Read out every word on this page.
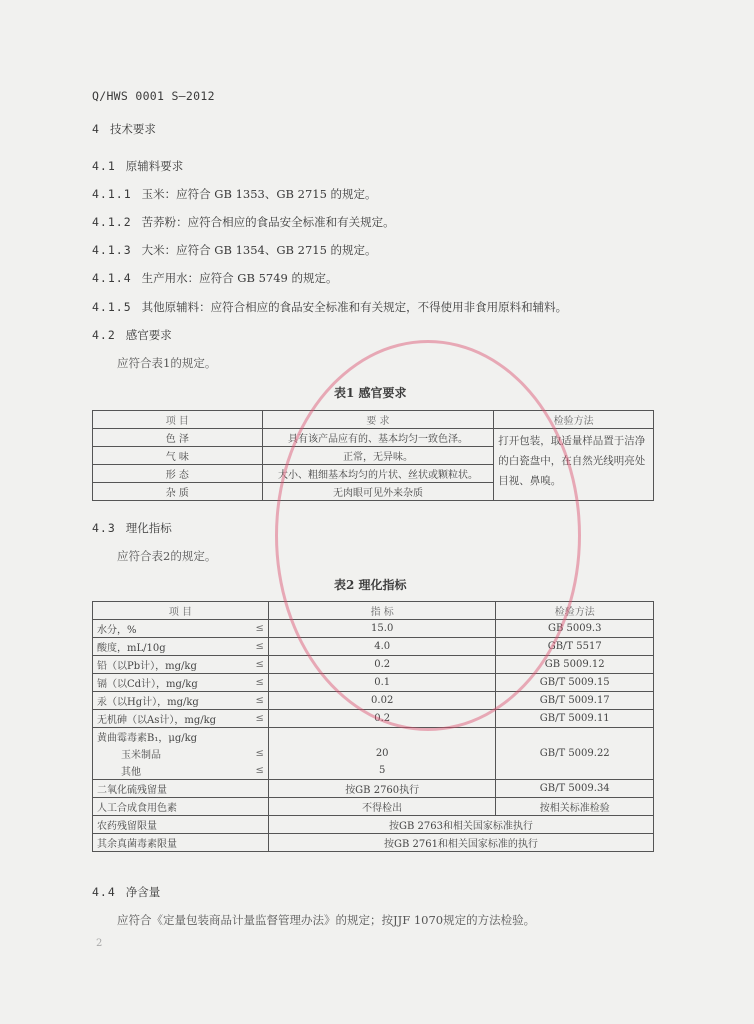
Q/HWS 0001 S—2012
4 技术要求
4.1 原辅料要求
4.1.1 玉米：应符合 GB 1353、GB 2715 的规定。
4.1.2 苦荞粉：应符合相应的食品安全标准和有关规定。
4.1.3 大米：应符合 GB 1354、GB 2715 的规定。
4.1.4 生产用水：应符合 GB 5749 的规定。
4.1.5 其他原辅料：应符合相应的食品安全标准和有关规定，不得使用非食用原料和辅料。
4.2 感官要求
应符合表1的规定。
表1 感官要求
项 目	要 求	检验方法
色 泽	具有该产品应有的、基本均匀一致色泽。	打开包装，取适量样品置于洁净的白瓷盘中，在自然光线明亮处目视、鼻嗅。
气 味	正常，无异味。	
形 态	大小、粗细基本均匀的片状、丝状或颗粒状。	
杂 质	无肉眼可见外来杂质	
4.3 理化指标
应符合表2的规定。
表2 理化指标
项 目		指 标	检验方法
水分，%	≤	15.0	GB 5009.3
酸度，mL/10g	≤	4.0	GB/T 5517
铅（以Pb计），mg/kg	≤	0.2	GB 5009.12
镉（以Cd计），mg/kg	≤	0.1	GB/T 5009.15
汞（以Hg计），mg/kg	≤	0.02	GB/T 5009.17
无机砷（以As计），mg/kg	≤	0.2	GB/T 5009.11
黄曲霉毒素B₁，μg/kg			GB/T 5009.22
玉米制品	≤	20	
其他	≤	5	
二氧化硫残留量		按GB 2760执行	GB/T 5009.34
人工合成食用色素		不得检出	按相关标准检验
农药残留限量		按GB 2763和相关国家标准执行	
其余真菌毒素限量		按GB 2761和相关国家标准的执行	
4.4 净含量
应符合《定量包装商品计量监督管理办法》的规定；按JJF 1070规定的方法检验。
2
